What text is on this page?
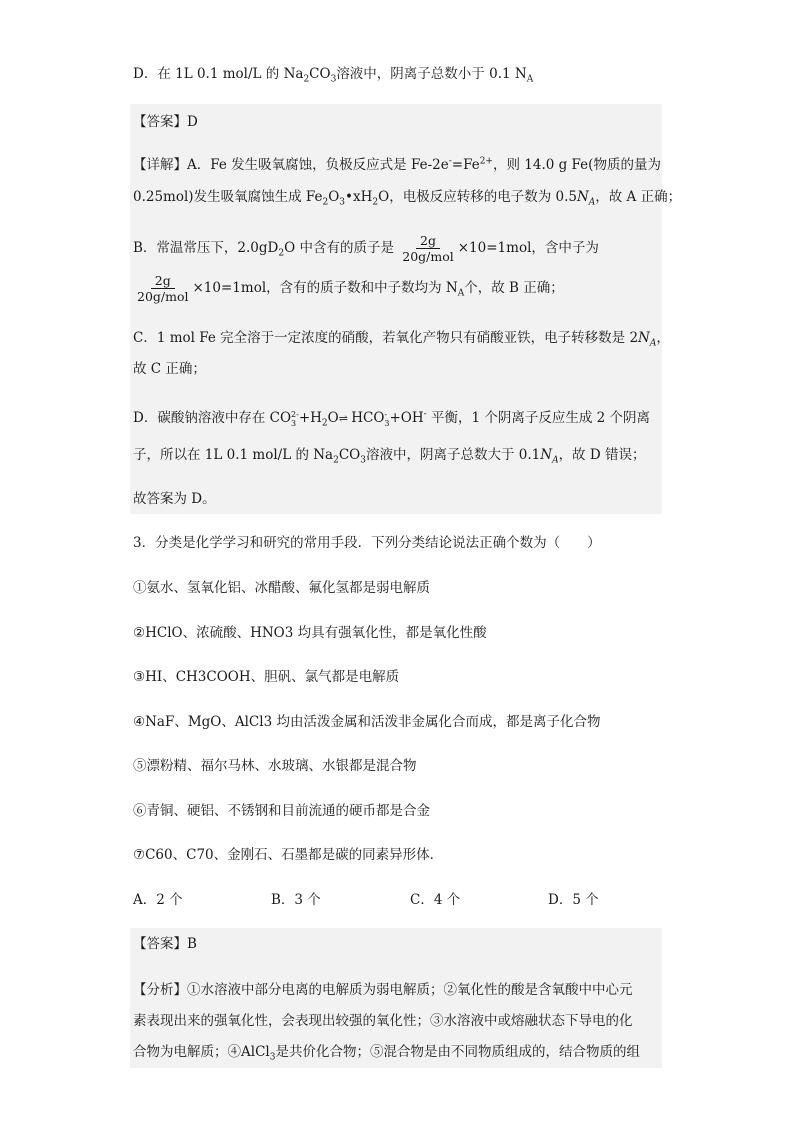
D．在 1L 0.1 mol/L 的 $Na_2CO_3$溶液中，阴离子总数小于 0.1 $N_A$
【答案】D
【详解】A．Fe 发生吸氧腐蚀，负极反应式是 $Fe-2e^-=Fe^{2+}$，则 14.0 g Fe(物质的量为
0.25mol)发生吸氧腐蚀生成 $Fe_2O_3•xH_2O$，电极反应转移的电子数为 $0.5N_A$，故 A 正确；
B．常温常压下，$2.0gD_2O$ 中含有的质子是 $\frac{2g}{\text{20g/mol}} \times 10=1mol$，含中子为
$\frac{2g}{\text{20g/mol}} \times 10=1mol$，含有的质子数和中子数均为 $N_A$个，故 B 正确；
C．1 mol Fe 完全溶于一定浓度的硝酸，若氧化产物只有硝酸亚铁，电子转移数是 $2N_A$，
故 C 正确；
D．碳酸钠溶液中存在 CO 2-
$3 +H_2O\rightleftharpoons$ HCO -
3 +OH- 平衡，1 个阴离子反应生成 2 个阴离
子，所以在 1L 0.1 mol/L 的 $Na_2CO_3$溶液中，阴离子总数大于 $0.1N_A$，故 D 错误；
故答案为 D。
3．分类是化学学习和研究的常用手段．下列分类结论说法正确个数为（　　）
①氨水、氢氧化铝、冰醋酸、氟化氢都是弱电解质
②HClO、浓硫酸、HNO3 均具有强氧化性，都是氧化性酸
③HI、CH3COOH、胆矾、氯气都是电解质
④NaF、MgO、AlCl3 均由活泼金属和活泼非金属化合而成，都是离子化合物
⑤漂粉精、福尔马林、水玻璃、水银都是混合物
⑥青铜、硬铝、不锈钢和目前流通的硬币都是合金
⑦C60、C70、金刚石、石墨都是碳的同素异形体．
A．2 个	B．3 个	C．4 个	D．5 个
【答案】B
【分析】①水溶液中部分电离的电解质为弱电解质；②氧化性的酸是含氧酸中中心元
素表现出来的强氧化性，会表现出较强的氧化性；③水溶液中或熔融状态下导电的化
合物为电解质；④AlCl$_3$是共价化合物；⑤混合物是由不同物质组成的，结合物质的组
